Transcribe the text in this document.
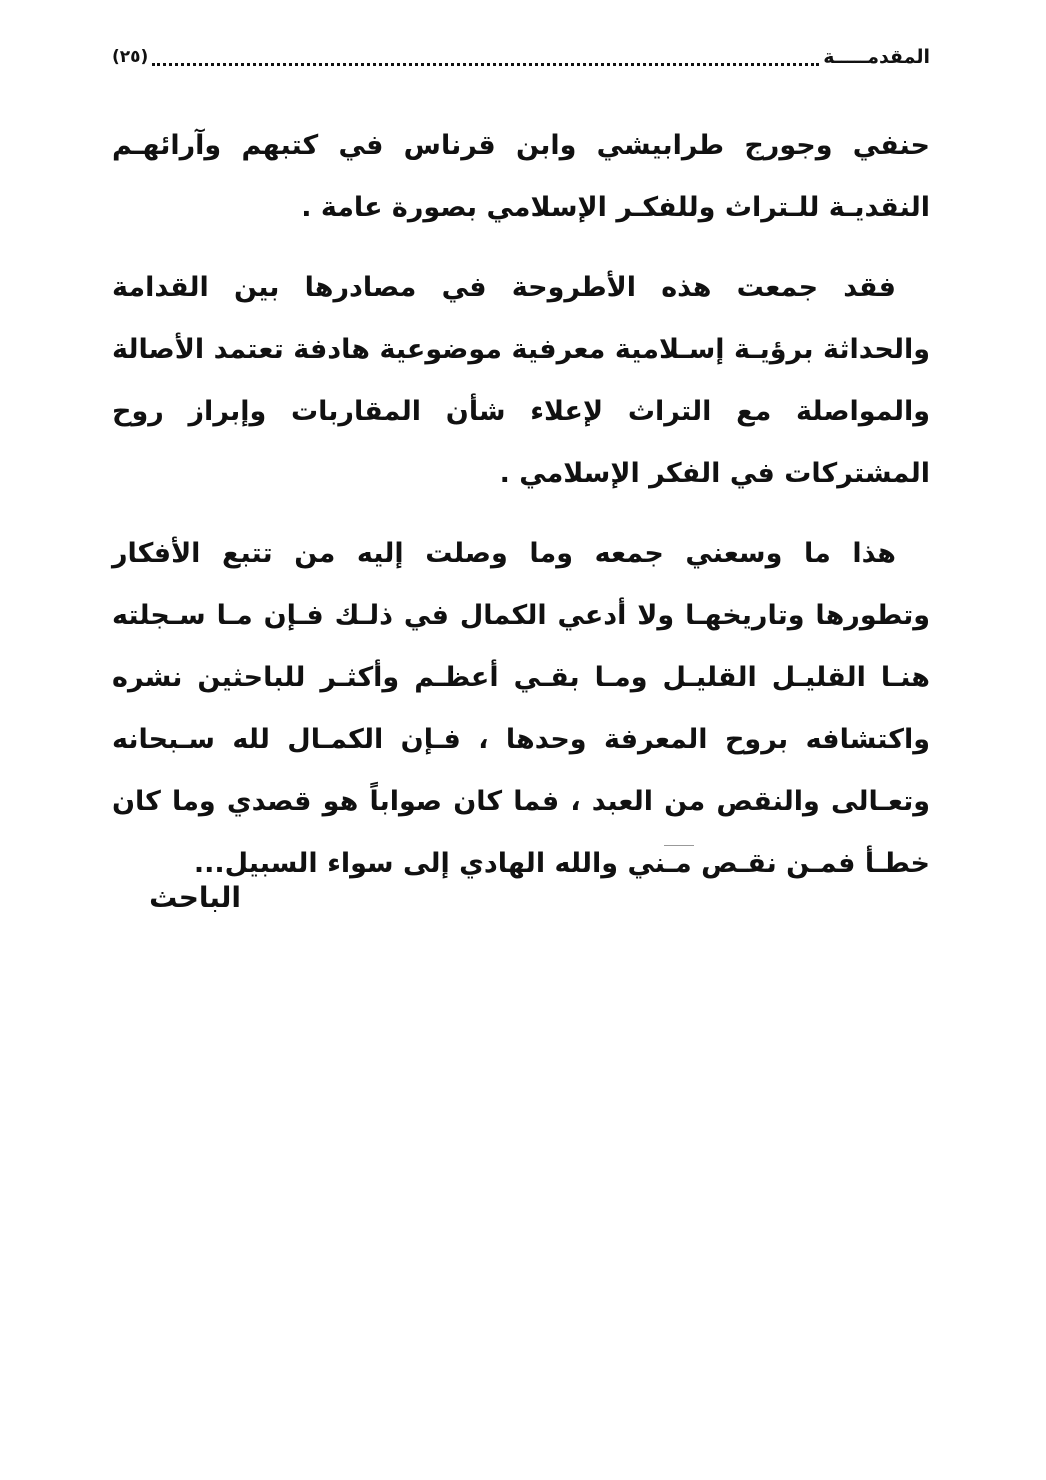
المقدمـــــة
(٢٥)

حنفي وجورج طرابيشي وابن قرناس في كتبهم وآرائهـم النقديـة للـتراث وللفكـر الإسلامي بصورة عامة .

فقد جمعت هذه الأطروحة في مصادرها بين القدامة والحداثة برؤيـة إسـلامية معرفية موضوعية هادفة تعتمد الأصالة والمواصلة مع التراث لإعلاء شأن المقاربات وإبراز روح المشتركات في الفكر الإسلامي .

هذا ما وسعني جمعه وما وصلت إليه من تتبع الأفكار وتطورها وتاريخهـا ولا أدعي الكمال في ذلـك فـإن مـا سـجلته هنـا القليـل القليـل ومـا بقـي أعظـم وأكثـر للباحثين نشره واكتشافه بروح المعرفة وحدها ، فـإن الكمـال لله سـبحانه وتعـالى والنقص من العبد ، فما كان صواباً هو قصدي وما كان خطـأ فمـن نقـص مـني والله الهادي إلى سواء السبيل...

الباحث
